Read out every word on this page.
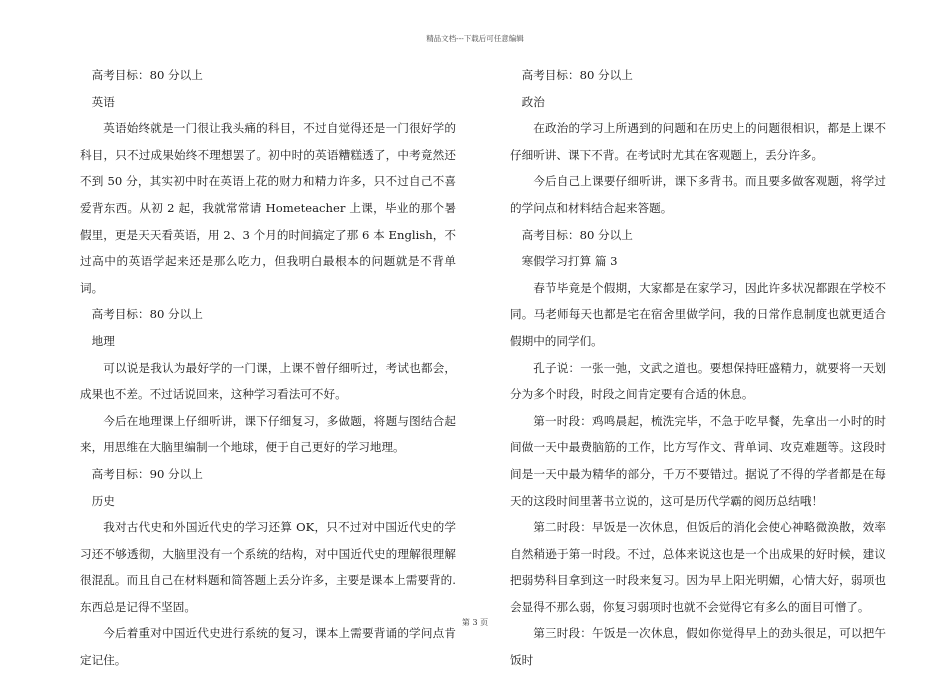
精品文档---下载后可任意编辑

高考目标：80 分以上

英语

英语始终就是一门很让我头痛的科目，不过自觉得还是一门很好学的科目，只不过成果始终不理想罢了。初中时的英语糟糕透了，中考竟然还不到 50 分，其实初中时在英语上花的财力和精力许多，只不过自己不喜爱背东西。从初 2 起，我就常常请 Hometeacher 上课，毕业的那个暑假里，更是天天看英语，用 2、3 个月的时间搞定了那 6 本 English，不过高中的英语学起来还是那么吃力，但我明白最根本的问题就是不背单词。

高考目标：80 分以上

地理

可以说是我认为最好学的一门课，上课不曾仔细听过，考试也都会，成果也不差。不过话说回来，这种学习看法可不好。

今后在地理课上仔细听讲，课下仔细复习，多做题，将题与图结合起来，用思维在大脑里编制一个地球，便于自己更好的学习地理。

高考目标：90 分以上

历史

我对古代史和外国近代史的学习还算 OK，只不过对中国近代史的学习还不够透彻，大脑里没有一个系统的结构，对中国近代史的理解很理解很混乱。而且自己在材料题和简答题上丢分许多，主要是课本上需要背的.东西总是记得不坚固。

今后着重对中国近代史进行系统的复习，课本上需要背诵的学问点肯定记住。

高考目标：80 分以上

政治

在政治的学习上所遇到的问题和在历史上的问题很相识，都是上课不仔细听讲、课下不背。在考试时尤其在客观题上，丢分许多。

今后自己上课要仔细听讲，课下多背书。而且要多做客观题，将学过的学问点和材料结合起来答题。

高考目标：80 分以上

寒假学习打算 篇 3

春节毕竟是个假期，大家都是在家学习，因此许多状况都跟在学校不同。马老师每天也都是宅在宿舍里做学问，我的日常作息制度也就更适合假期中的同学们。

孔子说：一张一弛，文武之道也。要想保持旺盛精力，就要将一天划分为多个时段，时段之间肯定要有合适的休息。

第一时段：鸡鸣晨起，梳洗完毕，不急于吃早餐，先拿出一小时的时间做一天中最费脑筋的工作，比方写作文、背单词、攻克难题等。这段时间是一天中最为精华的部分，千万不要错过。据说了不得的学者都是在每天的这段时间里著书立说的，这可是历代学霸的阅历总结哦！

第二时段：早饭是一次休息，但饭后的消化会使心神略微涣散，效率自然稍逊于第一时段。不过，总体来说这也是一个出成果的好时候，建议把弱势科目拿到这一时段来复习。因为早上阳光明媚，心情大好，弱项也会显得不那么弱，你复习弱项时也就不会觉得它有多么的面目可憎了。

第三时段：午饭是一次休息，假如你觉得早上的劲头很足，可以把午饭时

第 3 页
